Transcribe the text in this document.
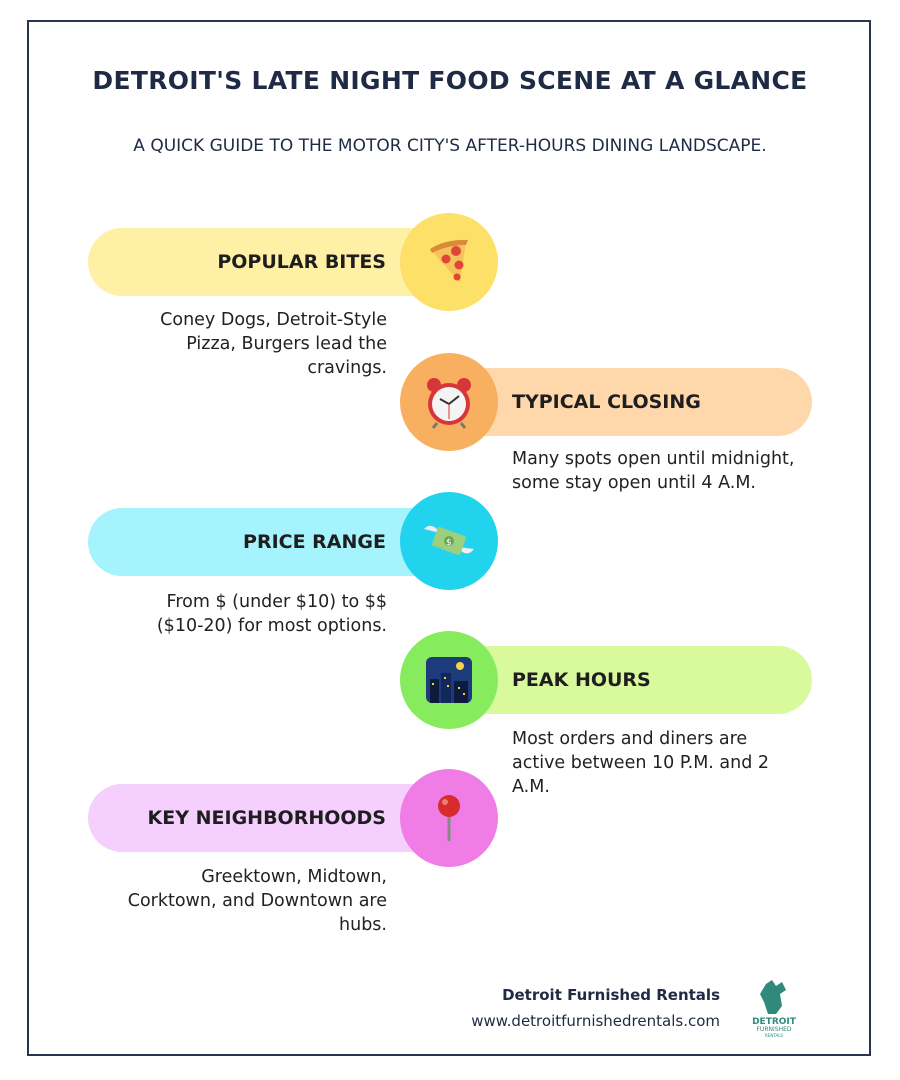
DETROIT'S LATE NIGHT FOOD SCENE AT A GLANCE
A QUICK GUIDE TO THE MOTOR CITY'S AFTER-HOURS DINING LANDSCAPE.
POPULAR BITES
Coney Dogs, Detroit-Style Pizza, Burgers lead the cravings.
TYPICAL CLOSING
Many spots open until midnight, some stay open until 4 A.M.
PRICE RANGE	$
From $ (under $10) to $$ ($10-20) for most options.
PEAK HOURS
Most orders and diners are active between 10 P.M. and 2 A.M.
KEY NEIGHBORHOODS
Greektown, Midtown, Corktown, and Downtown are hubs.
Detroit Furnished Rentals
www.detroitfurnishedrentals.com	DETROIT
FURNISHED
RENTALS
